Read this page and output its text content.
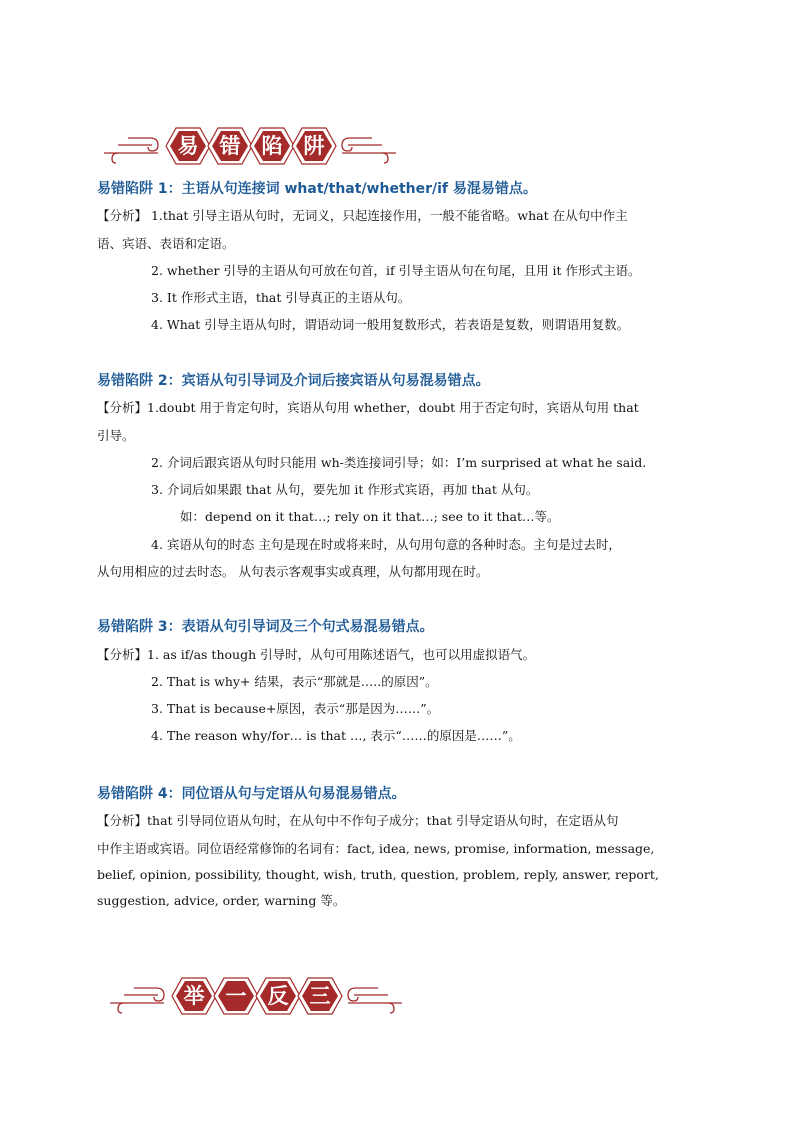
易	错	陷	阱
易错陷阱 1：主语从句连接词 what/that/whether/if 易混易错点。
【分析】 1.that 引导主语从句时，无词义，只起连接作用，一般不能省略。what 在从句中作主
语、宾语、表语和定语。
2. whether 引导的主语从句可放在句首，if 引导主语从句在句尾，且用 it 作形式主语。
3. It 作形式主语，that 引导真正的主语从句。
4. What 引导主语从句时，谓语动词一般用复数形式，若表语是复数，则谓语用复数。
易错陷阱 2：宾语从句引导词及介词后接宾语从句易混易错点。
【分析】1.doubt 用于肯定句时，宾语从句用 whether，doubt 用于否定句时，宾语从句用 that
引导。
2. 介词后跟宾语从句时只能用 wh-类连接词引导；如：I’m surprised at what he said.
3. 介词后如果跟 that 从句，要先加 it 作形式宾语，再加 that 从句。
如：depend on it that…; rely on it that…; see to it that…等。
4. 宾语从句的时态 主句是现在时或将来时，从句用句意的各种时态。主句是过去时，
从句用相应的过去时态。 从句表示客观事实或真理，从句都用现在时。
易错陷阱 3：表语从句引导词及三个句式易混易错点。
【分析】1. as if/as though 引导时，从句可用陈述语气，也可以用虚拟语气。
2. That is why+ 结果，表示“那就是…..的原因”。
3. That is because+原因，表示“那是因为……”。
4. The reason why/for… is that …, 表示“……的原因是……”。
易错陷阱 4：同位语从句与定语从句易混易错点。
【分析】that 引导同位语从句时，在从句中不作句子成分；that 引导定语从句时，在定语从句
中作主语或宾语。同位语经常修饰的名词有：fact, idea, news, promise, information, message,
belief, opinion, possibility, thought, wish, truth, question, problem, reply, answer, report,
suggestion, advice, order, warning 等。
举	一	反	三
